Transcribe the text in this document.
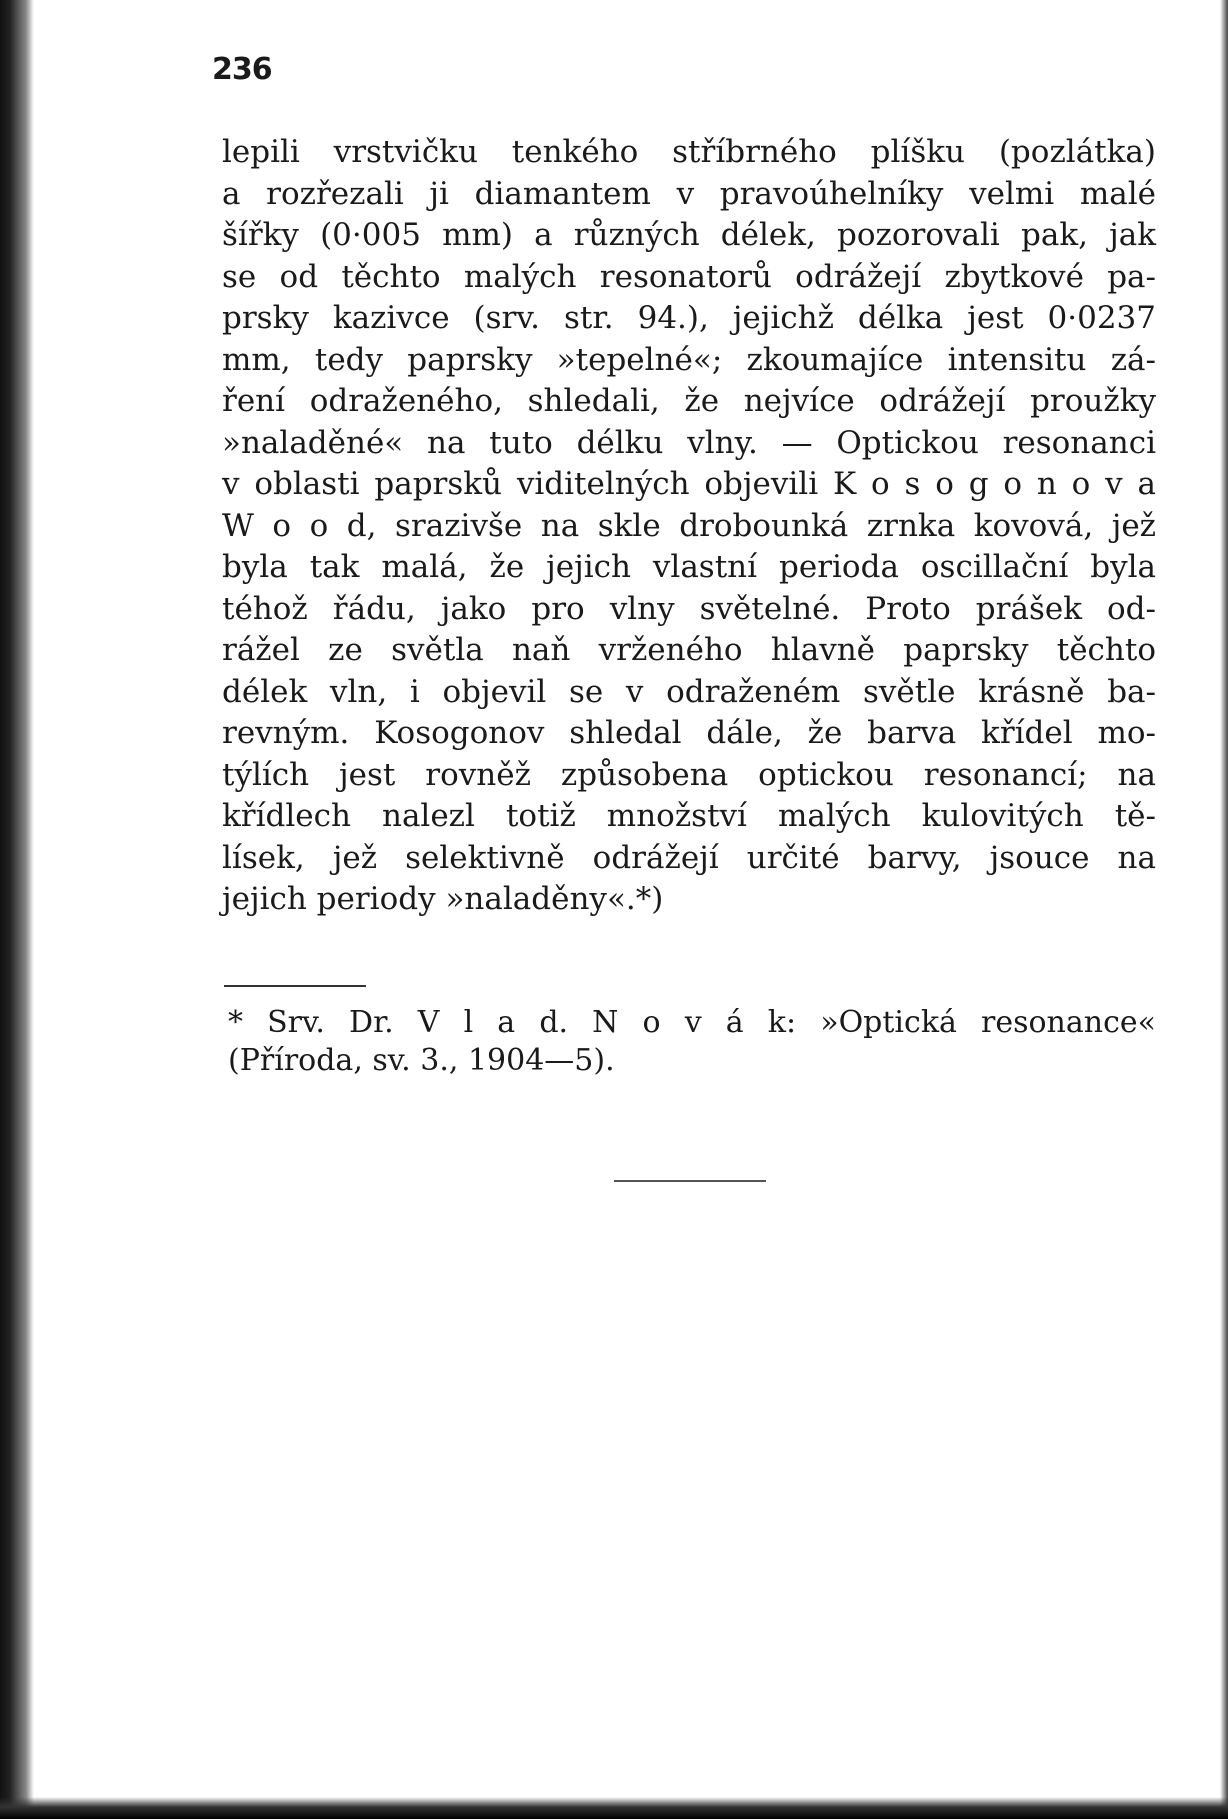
236
lepili vrstvičku tenkého stříbrného plíšku (pozlátka)
a rozřezali ji diamantem v pravoúhelníky velmi malé
šířky (0·005 mm) a různých délek, pozorovali pak, jak
se od těchto malých resonatorů odrážejí zbytkové pa-
prsky kazivce (srv. str. 94.), jejichž délka jest 0·0237
mm, tedy paprsky »tepelné«; zkoumajíce intensitu zá-
ření odraženého, shledali, že nejvíce odrážejí proužky
»naladěné« na tuto délku vlny. — Optickou resonanci
v oblasti paprsků viditelných objevili K o s o g o n o v a
W o o d, srazivše na skle drobounká zrnka kovová, jež
byla tak malá, že jejich vlastní perioda oscillační byla
téhož řádu, jako pro vlny světelné. Proto prášek od-
rážel ze světla naň vrženého hlavně paprsky těchto
délek vln, i objevil se v odraženém světle krásně ba-
revným. Kosogonov shledal dále, že barva křídel mo-
týlích jest rovněž způsobena optickou resonancí; na
křídlech nalezl totiž množství malých kulovitých tě-
lísek, jež selektivně odrážejí určité barvy, jsouce na
jejich periody »naladěny«.*)
* Srv. Dr. V l a d. N o v á k: »Optická resonance«
(Příroda, sv. 3., 1904—5).
